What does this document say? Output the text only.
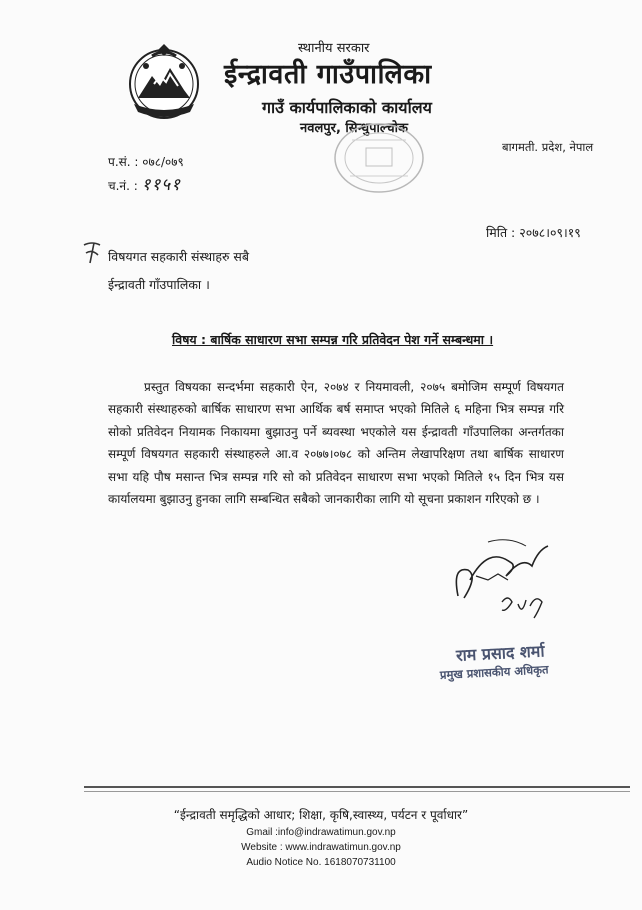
स्थानीय सरकार
ईन्द्रावती गाउँपालिका
गाउँ कार्यपालिकाको कार्यालय
नवलपुर, सिन्धुपाल्चोक
बागमती. प्रदेश, नेपाल
प.सं. : ०७८/०७९
च.नं. : ११५१
मिति : २०७८।०९।१९
विषयगत सहकारी संस्थाहरु सबै
ईन्द्रावती गाँउपालिका ।
विषय : बार्षिक साधारण सभा सम्पन्न गरि प्रतिवेदन पेश गर्ने सम्बन्धमा ।

प्रस्तुत विषयका सन्दर्भमा सहकारी ऐन, २०७४ र नियमावली, २०७५ बमोजिम सम्पूर्ण विषयगत सहकारी संस्थाहरुको बार्षिक साधारण सभा आर्थिक बर्ष समाप्त भएको मितिले ६ महिना भित्र सम्पन्न गरि सोको प्रतिवेदन नियामक निकायमा बुझाउनु पर्ने ब्यवस्था भएकोले यस ईन्द्रावती गाँउपालिका अन्तर्गतका सम्पूर्ण विषयगत सहकारी संस्थाहरुले आ.व २०७७।०७८ को अन्तिम लेखापरिक्षण तथा बार्षिक साधारण सभा यहि पौष मसान्त भित्र सम्पन्न गरि सो को प्रतिवेदन साधारण सभा भएको मितिले १५ दिन भित्र यस कार्यालयमा बुझाउनु हुनका लागि सम्बन्धित सबैको जानकारीका लागि यो सूचना प्रकाशन गरिएको छ ।

राम प्रसाद शर्मा
प्रमुख प्रशासकीय अधिकृत
“ईन्द्रावती समृद्धिको आधार; शिक्षा, कृषि,स्वास्थ्य, पर्यटन र पूर्वाधार”
Gmail :info@indrawatimun.gov.np
Website : www.indrawatimun.gov.np
Audio Notice No. 1618070731100
